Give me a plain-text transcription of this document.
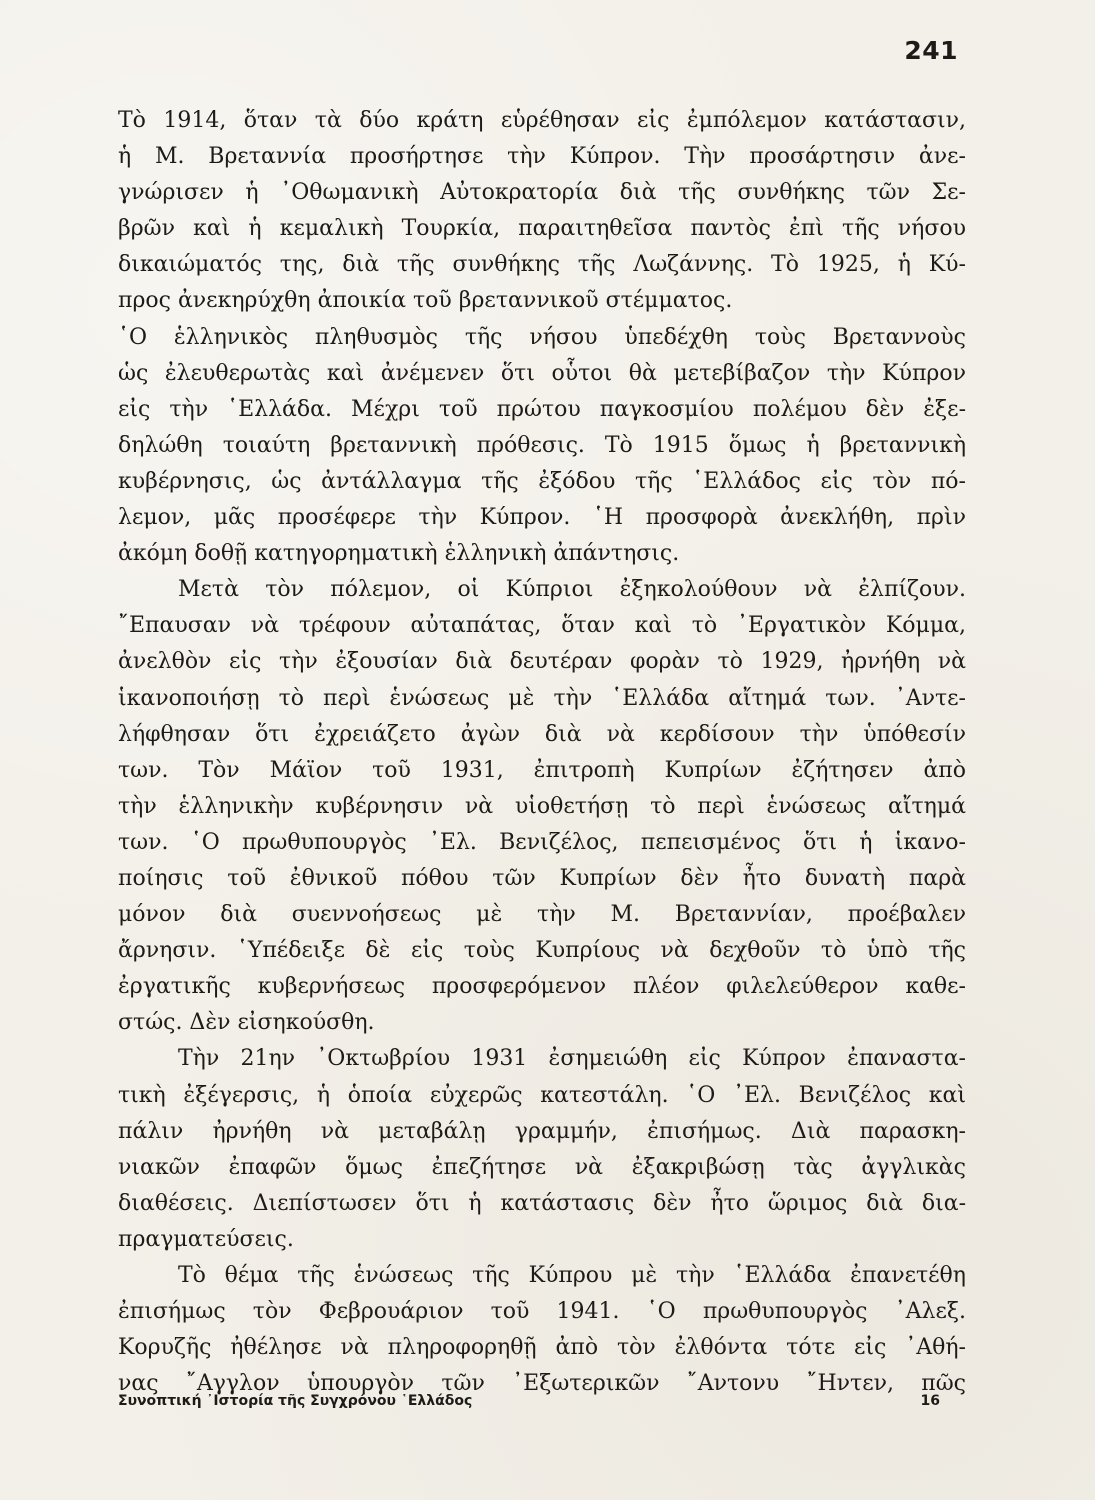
241

Τὸ 1914, ὅταν τὰ δύο κράτη εὑρέθησαν εἰς ἐμπόλεμον κατάστασιν,
ἡ Μ. Βρεταννία προσήρτησε τὴν Κύπρον. Τὴν προσάρτησιν ἀνε-
γνώρισεν ἡ ᾿Οθωμανικὴ Αὐτοκρατορία διὰ τῆς συνθήκης τῶν Σε-
βρῶν καὶ ἡ κεμαλικὴ Τουρκία, παραιτηθεῖσα παντὸς ἐπὶ τῆς νήσου
δικαιώματός της, διὰ τῆς συνθήκης τῆς Λωζάννης. Τὸ 1925, ἡ Κύ-
προς ἀνεκηρύχθη ἀποικία τοῦ βρεταννικοῦ στέμματος.

῾Ο ἑλληνικὸς πληθυσμὸς τῆς νήσου ὑπεδέχθη τοὺς Βρεταννοὺς
ὡς ἐλευθερωτὰς καὶ ἀνέμενεν ὅτι οὗτοι θὰ μετεβίβαζον τὴν Κύπρον
εἰς τὴν ῾Ελλάδα. Μέχρι τοῦ πρώτου παγκοσμίου πολέμου δὲν ἐξε-
δηλώθη τοιαύτη βρεταννικὴ πρόθεσις. Τὸ 1915 ὅμως ἡ βρεταννικὴ
κυβέρνησις, ὡς ἀντάλλαγμα τῆς ἐξόδου τῆς ῾Ελλάδος εἰς τὸν πό-
λεμον, μᾶς προσέφερε τὴν Κύπρον. ῾Η προσφορὰ ἀνεκλήθη, πρὶν
ἀκόμη δοθῇ κατηγορηματικὴ ἑλληνικὴ ἀπάντησις.

Μετὰ τὸν πόλεμον, οἱ Κύπριοι ἐξηκολούθουν νὰ ἐλπίζουν.
῎Επαυσαν νὰ τρέφουν αὐταπάτας, ὅταν καὶ τὸ ᾿Εργατικὸν Κόμμα,
ἀνελθὸν εἰς τὴν ἐξουσίαν διὰ δευτέραν φορὰν τὸ 1929, ἠρνήθη νὰ
ἱκανοποιήσῃ τὸ περὶ ἑνώσεως μὲ τὴν ῾Ελλάδα αἴτημά των. ᾿Αντε-
λήφθησαν ὅτι ἐχρειάζετο ἀγὼν διὰ νὰ κερδίσουν τὴν ὑπόθεσίν
των. Τὸν Μάϊον τοῦ 1931, ἐπιτροπὴ Κυπρίων ἐζήτησεν ἀπὸ
τὴν ἑλληνικὴν κυβέρνησιν νὰ υἱοθετήσῃ τὸ περὶ ἑνώσεως αἴτημά
των. ῾Ο πρωθυπουργὸς ᾿Ελ. Βενιζέλος, πεπεισμένος ὅτι ἡ ἱκανο-
ποίησις τοῦ ἐθνικοῦ πόθου τῶν Κυπρίων δὲν ἦτο δυνατὴ παρὰ
μόνον διὰ συεννοήσεως μὲ τὴν Μ. Βρεταννίαν, προέβαλεν
ἄρνησιν. ῾Υπέδειξε δὲ εἰς τοὺς Κυπρίους νὰ δεχθοῦν τὸ ὑπὸ τῆς
ἐργατικῆς κυβερνήσεως προσφερόμενον πλέον φιλελεύθερον καθε-
στώς. Δὲν εἰσηκούσθη.

Τὴν 21ην ᾿Οκτωβρίου 1931 ἐσημειώθη εἰς Κύπρον ἐπαναστα-
τικὴ ἐξέγερσις, ἡ ὁποία εὐχερῶς κατεστάλη. ῾Ο ᾿Ελ. Βενιζέλος καὶ
πάλιν ἠρνήθη νὰ μεταβάλῃ γραμμήν, ἐπισήμως. Διὰ παρασκη-
νιακῶν ἐπαφῶν ὅμως ἐπεζήτησε νὰ ἐξακριβώσῃ τὰς ἀγγλικὰς
διαθέσεις. Διεπίστωσεν ὅτι ἡ κατάστασις δὲν ἦτο ὥριμος διὰ δια-
πραγματεύσεις.

Τὸ θέμα τῆς ἑνώσεως τῆς Κύπρου μὲ τὴν ῾Ελλάδα ἐπανετέθη
ἐπισήμως τὸν Φεβρουάριον τοῦ 1941. ῾Ο πρωθυπουργὸς ᾿Αλεξ.
Κορυζῆς ἠθέλησε νὰ πληροφορηθῇ ἀπὸ τὸν ἐλθόντα τότε εἰς ᾿Αθή-
νας ῎Αγγλον ὑπουργὸν τῶν ᾿Εξωτερικῶν ῎Αντονυ ῎Ηντεν, πῶς

Συνοπτική ᾿Ιστορία τῆς Συγχρόνου ῾Ελλάδος	16
